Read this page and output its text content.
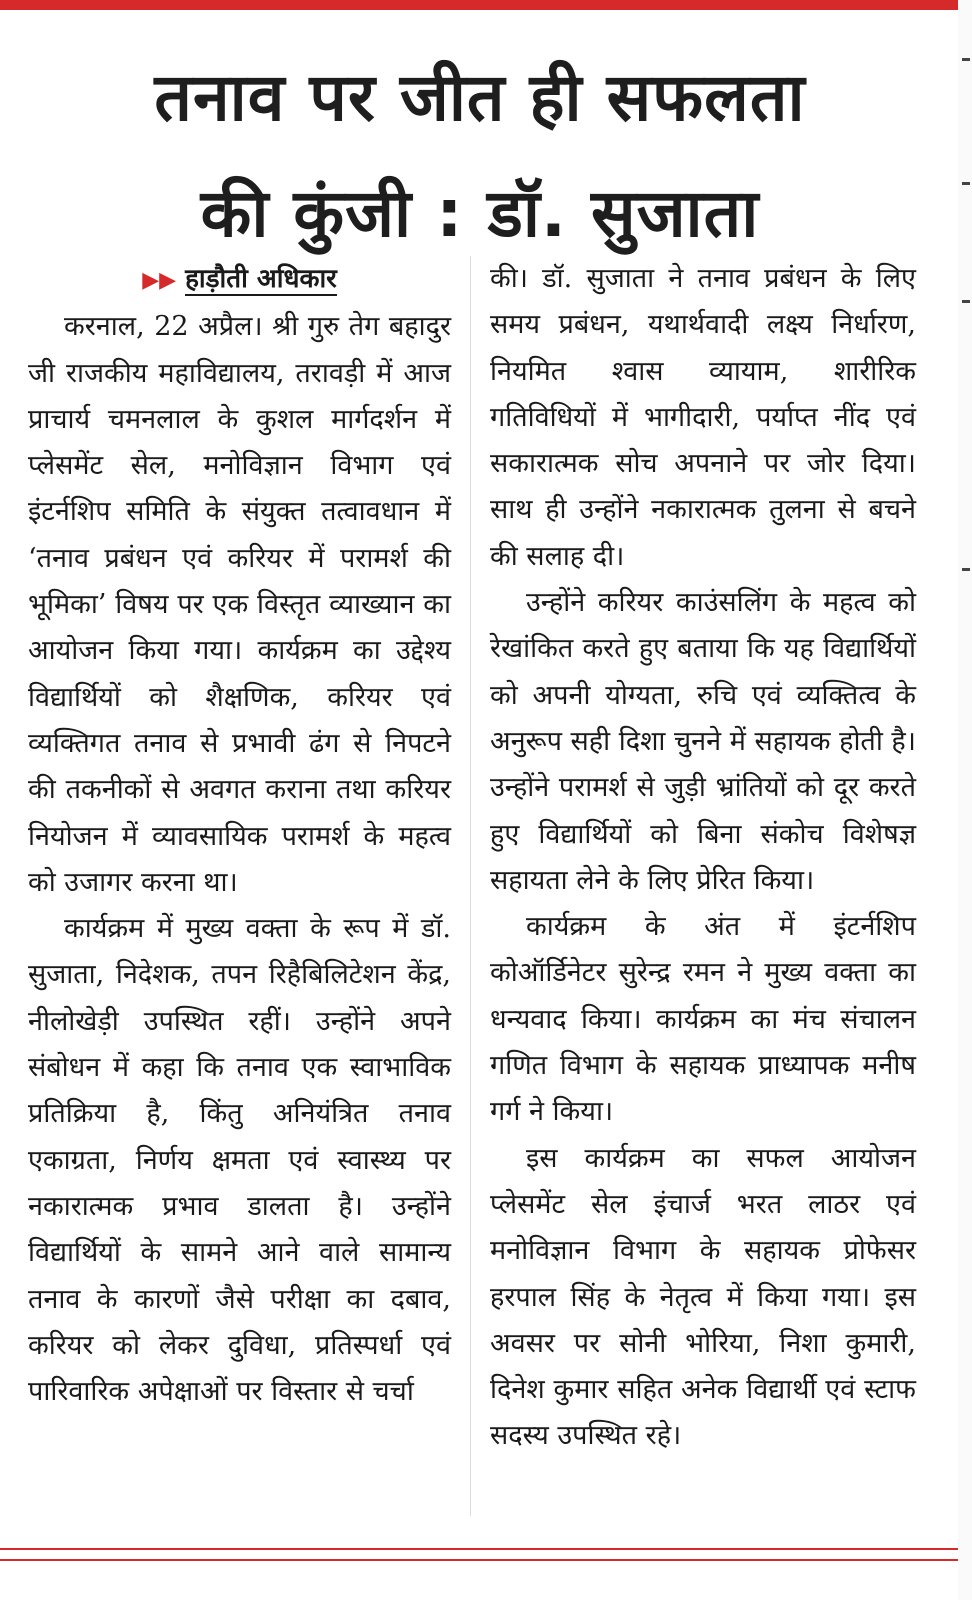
तनाव पर जीत ही सफलता
की कुंजी : डॉ. सुजाता
▶▶ हाड़ौती अधिकार

करनाल, 22 अप्रैल। श्री गुरु तेग बहादुर जी राजकीय महाविद्यालय, तरावड़ी में आज प्राचार्य चमनलाल के कुशल मार्गदर्शन में प्लेसमेंट सेल, मनोविज्ञान विभाग एवं इंटर्नशिप समिति के संयुक्त तत्वावधान में ‘तनाव प्रबंधन एवं करियर में परामर्श की भूमिका’ विषय पर एक विस्तृत व्याख्यान का आयोजन किया गया। कार्यक्रम का उद्देश्य विद्यार्थियों को शैक्षणिक, करियर एवं व्यक्तिगत तनाव से प्रभावी ढंग से निपटने की तकनीकों से अवगत कराना तथा करियर नियोजन में व्यावसायिक परामर्श के महत्व को उजागर करना था।

कार्यक्रम में मुख्य वक्ता के रूप में डॉ. सुजाता, निदेशक, तपन रिहैबिलिटेशन केंद्र, नीलोखेड़ी उपस्थित रहीं। उन्होंने अपने संबोधन में कहा कि तनाव एक स्वाभाविक प्रतिक्रिया है, किंतु अनियंत्रित तनाव एकाग्रता, निर्णय क्षमता एवं स्वास्थ्य पर नकारात्मक प्रभाव डालता है। उन्होंने विद्यार्थियों के सामने आने वाले सामान्य तनाव के कारणों जैसे परीक्षा का दबाव, करियर को लेकर दुविधा, प्रतिस्पर्धा एवं पारिवारिक अपेक्षाओं पर विस्तार से चर्चा

की। डॉ. सुजाता ने तनाव प्रबंधन के लिए समय प्रबंधन, यथार्थवादी लक्ष्य निर्धारण, नियमित श्वास व्यायाम, शारीरिक गतिविधियों में भागीदारी, पर्याप्त नींद एवं सकारात्मक सोच अपनाने पर जोर दिया। साथ ही उन्होंने नकारात्मक तुलना से बचने की सलाह दी।

उन्होंने करियर काउंसलिंग के महत्व को रेखांकित करते हुए बताया कि यह विद्यार्थियों को अपनी योग्यता, रुचि एवं व्यक्तित्व के अनुरूप सही दिशा चुनने में सहायक होती है। उन्होंने परामर्श से जुड़ी भ्रांतियों को दूर करते हुए विद्यार्थियों को बिना संकोच विशेषज्ञ सहायता लेने के लिए प्रेरित किया।

कार्यक्रम के अंत में इंटर्नशिप कोऑर्डिनेटर सुरेन्द्र रमन ने मुख्य वक्ता का धन्यवाद किया। कार्यक्रम का मंच संचालन गणित विभाग के सहायक प्राध्यापक मनीष गर्ग ने किया।

इस कार्यक्रम का सफल आयोजन प्लेसमेंट सेल इंचार्ज भरत लाठर एवं मनोविज्ञान विभाग के सहायक प्रोफेसर हरपाल सिंह के नेतृत्व में किया गया। इस अवसर पर सोनी भोरिया, निशा कुमारी, दिनेश कुमार सहित अनेक विद्यार्थी एवं स्टाफ सदस्य उपस्थित रहे।
